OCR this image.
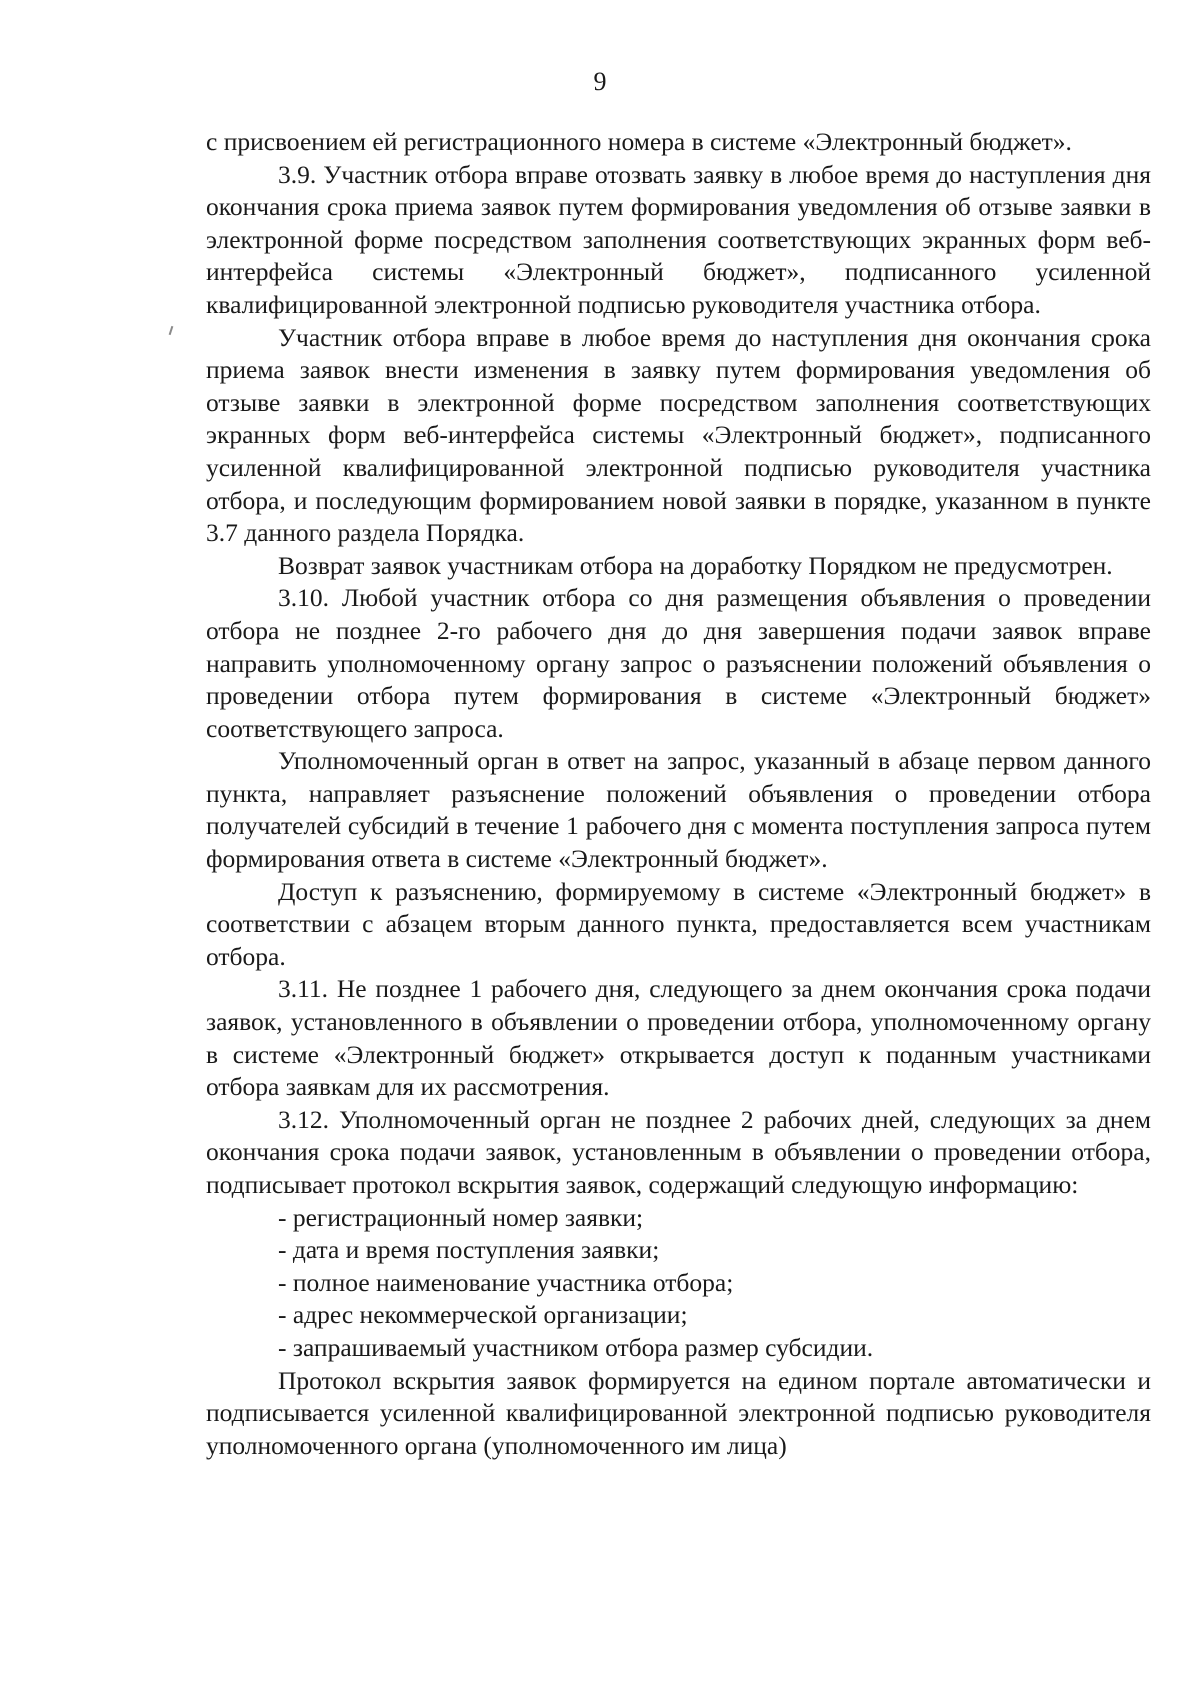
9

с присвоением ей регистрационного номера в системе «Электронный бюджет».

3.9. Участник отбора вправе отозвать заявку в любое время до наступления дня окончания срока приема заявок путем формирования уведомления об отзыве заявки в электронной форме посредством заполнения соответствующих экранных форм веб-интерфейса системы «Электронный бюджет», подписанного усиленной квалифицированной электронной подписью руководителя участника отбора.

Участник отбора вправе в любое время до наступления дня окончания срока приема заявок внести изменения в заявку путем формирования уведомления об отзыве заявки в электронной форме посредством заполнения соответствующих экранных форм веб-интерфейса системы «Электронный бюджет», подписанного усиленной квалифицированной электронной подписью руководителя участника отбора, и последующим формированием новой заявки в порядке, указанном в пункте 3.7 данного раздела Порядка.

Возврат заявок участникам отбора на доработку Порядком не предусмотрен.

3.10. Любой участник отбора со дня размещения объявления о проведении отбора не позднее 2-го рабочего дня до дня завершения подачи заявок вправе направить уполномоченному органу запрос о разъяснении положений объявления о проведении отбора путем формирования в системе «Электронный бюджет» соответствующего запроса.

Уполномоченный орган в ответ на запрос, указанный в абзаце первом данного пункта, направляет разъяснение положений объявления о проведении отбора получателей субсидий в течение 1 рабочего дня с момента поступления запроса путем формирования ответа в системе «Электронный бюджет».

Доступ к разъяснению, формируемому в системе «Электронный бюджет» в соответствии с абзацем вторым данного пункта, предоставляется всем участникам отбора.

3.11. Не позднее 1 рабочего дня, следующего за днем окончания срока подачи заявок, установленного в объявлении о проведении отбора, уполномоченному органу в системе «Электронный бюджет» открывается доступ к поданным участниками отбора заявкам для их рассмотрения.

3.12. Уполномоченный орган не позднее 2 рабочих дней, следующих за днем окончания срока подачи заявок, установленным в объявлении о проведении отбора, подписывает протокол вскрытия заявок, содержащий следующую информацию:

- регистрационный номер заявки;

- дата и время поступления заявки;

- полное наименование участника отбора;

- адрес некоммерческой организации;

- запрашиваемый участником отбора размер субсидии.

Протокол вскрытия заявок формируется на едином портале автоматически и подписывается усиленной квалифицированной электронной подписью руководителя уполномоченного органа (уполномоченного им лица)
